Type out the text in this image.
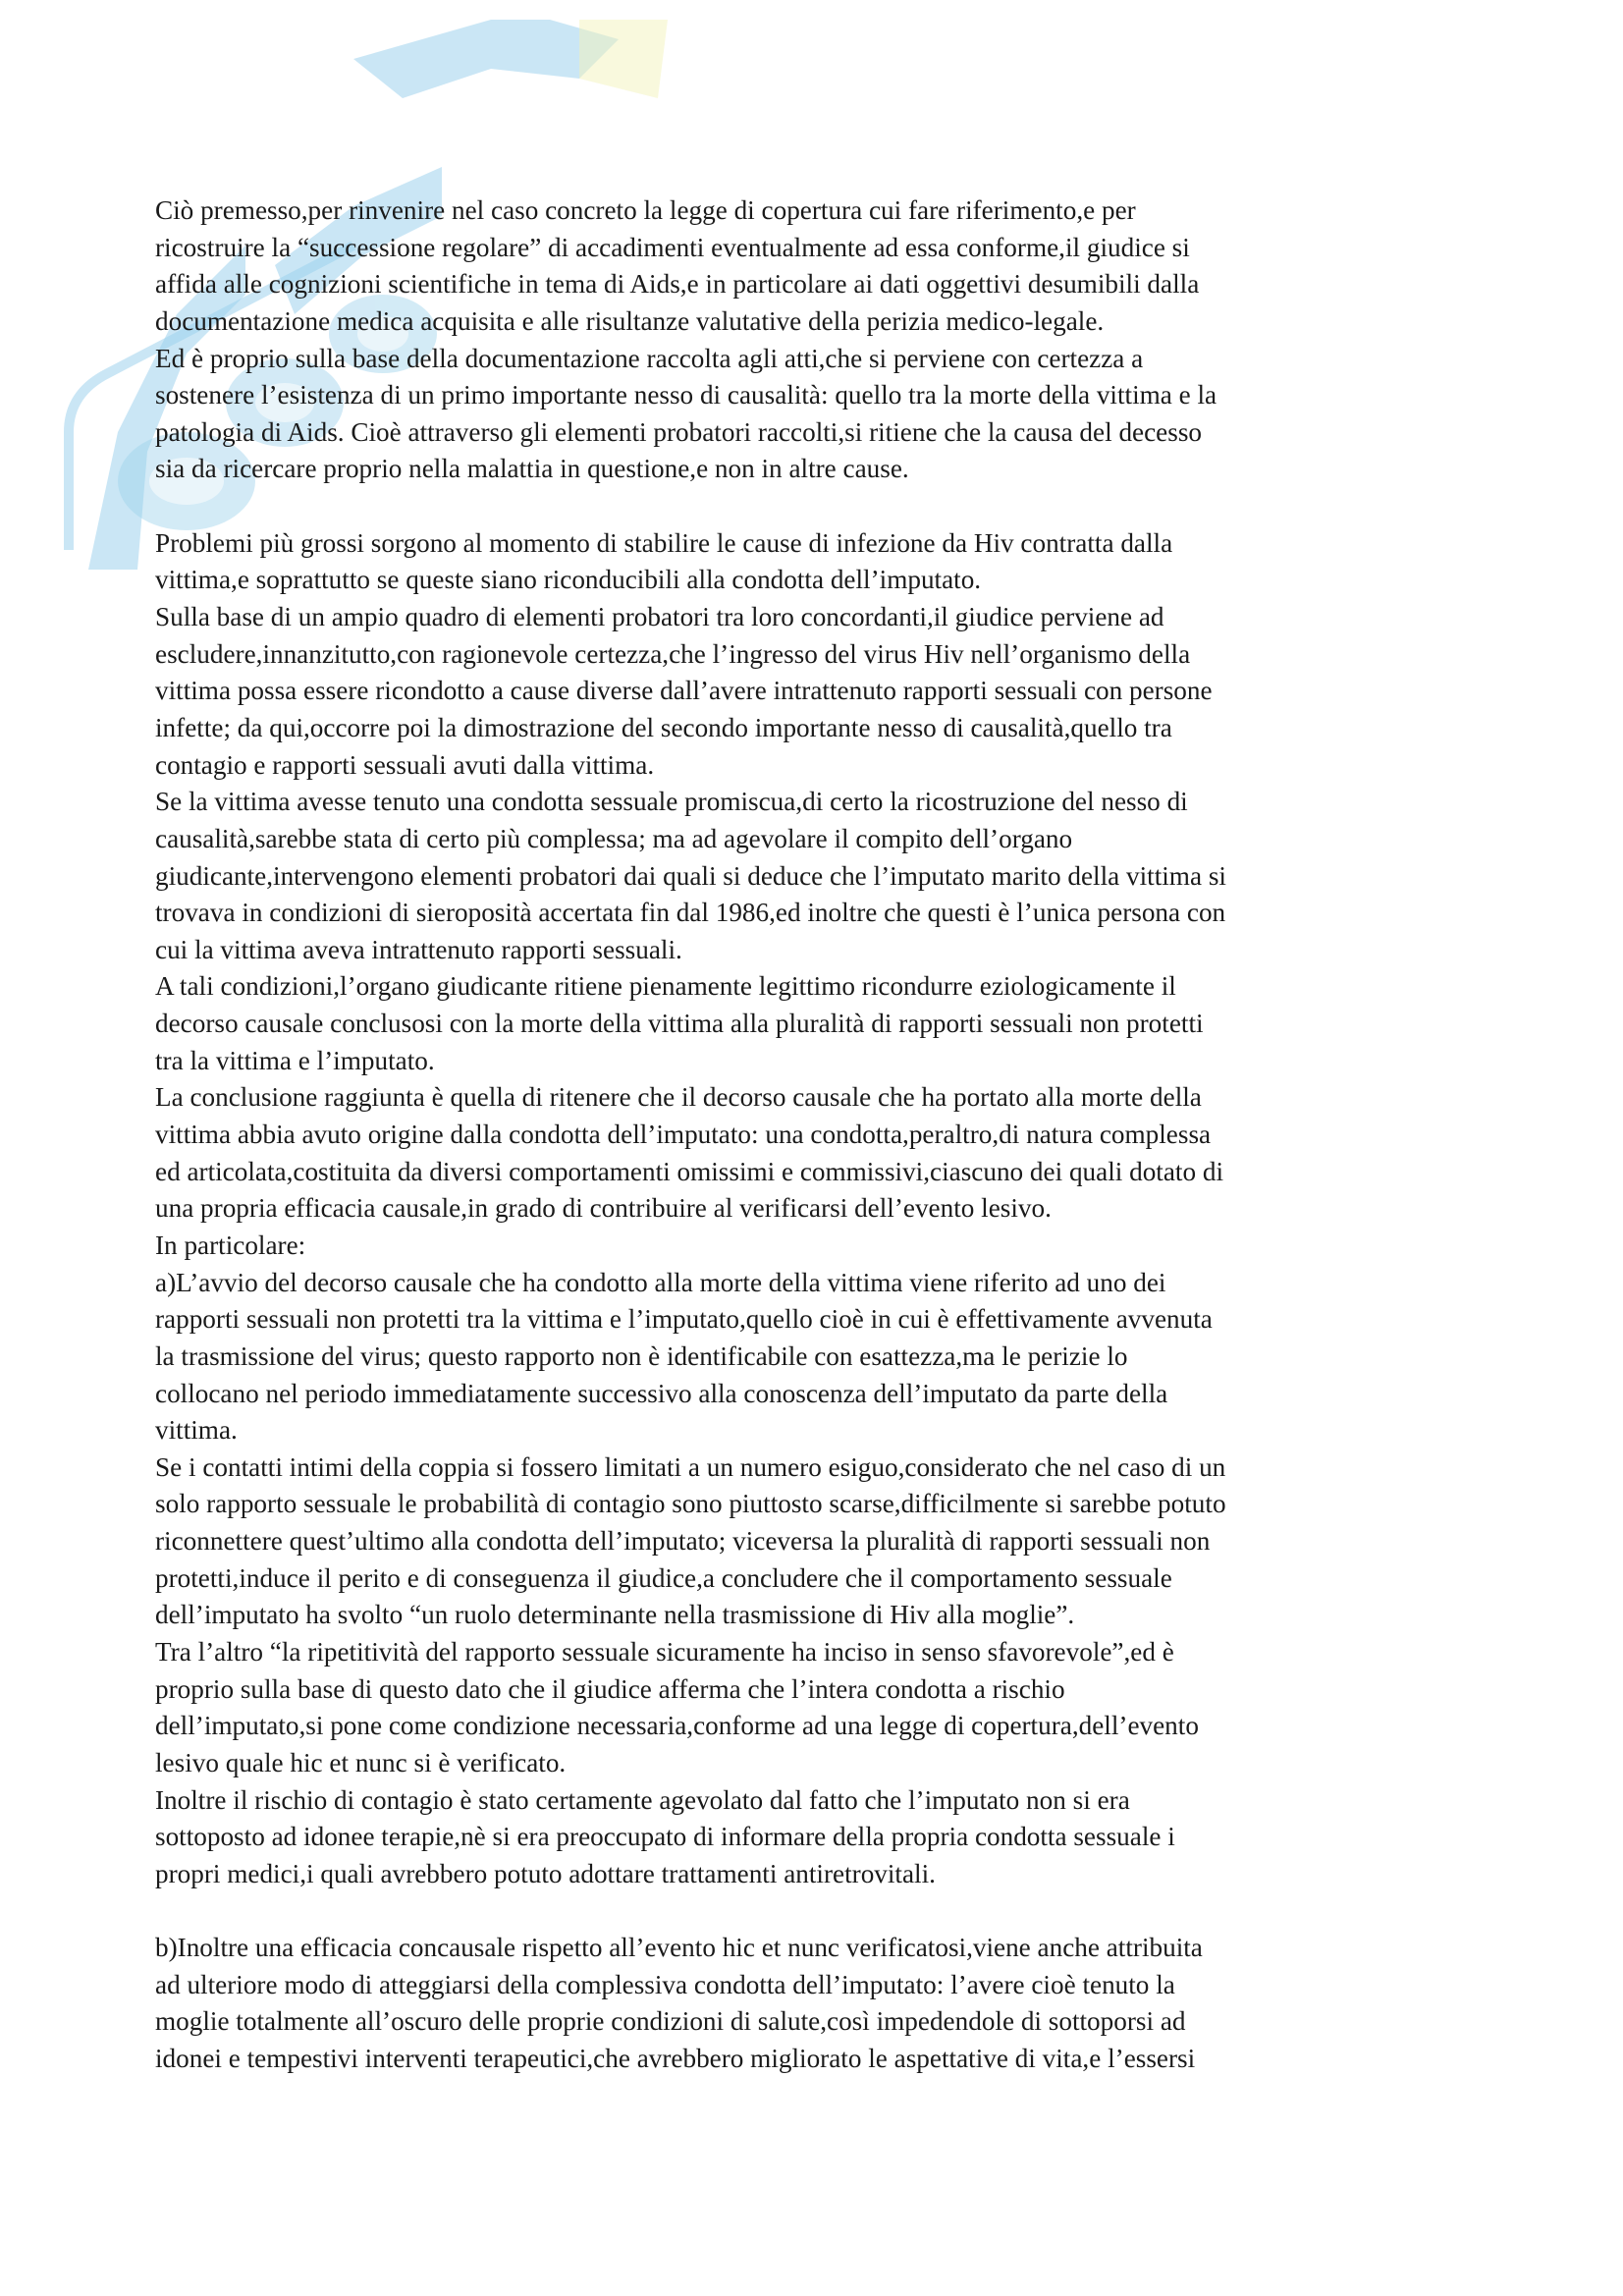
Ciò premesso,per rinvenire nel caso concreto la legge di copertura cui fare riferimento,e per
ricostruire la “successione regolare” di accadimenti eventualmente ad essa conforme,il giudice si
affida alle cognizioni scientifiche in tema di Aids,e in particolare ai dati oggettivi desumibili dalla
documentazione medica acquisita e alle risultanze valutative della perizia medico-legale.
Ed è proprio sulla base della documentazione raccolta agli atti,che si perviene con certezza a
sostenere l’esistenza di un primo importante nesso di causalità: quello tra la morte della vittima e la
patologia di Aids. Cioè attraverso gli elementi probatori raccolti,si ritiene che la causa del decesso
sia da ricercare proprio nella malattia in questione,e non in altre cause.
Problemi più grossi sorgono al momento di stabilire le cause di infezione da Hiv contratta dalla
vittima,e soprattutto se queste siano riconducibili alla condotta dell’imputato.
Sulla base di un ampio quadro di elementi probatori tra loro concordanti,il giudice perviene ad
escludere,innanzitutto,con ragionevole certezza,che l’ingresso del virus Hiv nell’organismo della
vittima possa essere ricondotto a cause diverse dall’avere intrattenuto rapporti sessuali con persone
infette; da qui,occorre poi la dimostrazione del secondo importante nesso di causalità,quello tra
contagio e rapporti sessuali avuti dalla vittima.
Se la vittima avesse tenuto una condotta sessuale promiscua,di certo la ricostruzione del nesso di
causalità,sarebbe stata di certo più complessa; ma ad agevolare il compito dell’organo
giudicante,intervengono elementi probatori dai quali si deduce che l’imputato marito della vittima si
trovava in condizioni di sieroposità accertata fin dal 1986,ed inoltre che questi è l’unica persona con
cui la vittima aveva intrattenuto rapporti sessuali.
A tali condizioni,l’organo giudicante ritiene pienamente legittimo ricondurre eziologicamente il
decorso causale conclusosi con la morte della vittima alla pluralità di rapporti sessuali non protetti
tra la vittima e l’imputato.
La conclusione raggiunta è quella di ritenere che il decorso causale che ha portato alla morte della
vittima abbia avuto origine dalla condotta dell’imputato: una condotta,peraltro,di natura complessa
ed articolata,costituita da diversi comportamenti omissimi e commissivi,ciascuno dei quali dotato di
una propria efficacia causale,in grado di contribuire al verificarsi dell’evento lesivo.
In particolare:
a)L’avvio del decorso causale che ha condotto alla morte della vittima viene riferito ad uno dei
rapporti sessuali non protetti tra la vittima e l’imputato,quello cioè in cui è effettivamente avvenuta
la trasmissione del virus; questo rapporto non è identificabile con esattezza,ma le perizie lo
collocano nel periodo immediatamente successivo alla conoscenza dell’imputato da parte della
vittima.
Se i contatti intimi della coppia si fossero limitati a un numero esiguo,considerato che nel caso di un
solo rapporto sessuale le probabilità di contagio sono piuttosto scarse,difficilmente si sarebbe potuto
riconnettere quest’ultimo alla condotta dell’imputato; viceversa la pluralità di rapporti sessuali non
protetti,induce il perito e di conseguenza il giudice,a concludere che il comportamento sessuale
dell’imputato ha svolto “un ruolo determinante nella trasmissione di Hiv alla moglie”.
Tra l’altro “la ripetitività del rapporto sessuale sicuramente ha inciso in senso sfavorevole”,ed è
proprio sulla base di questo dato che il giudice afferma che l’intera condotta a rischio
dell’imputato,si pone come condizione necessaria,conforme ad una legge di copertura,dell’evento
lesivo quale hic et nunc si è verificato.
Inoltre il rischio di contagio è stato certamente agevolato dal fatto che l’imputato non si era
sottoposto ad idonee terapie,nè si era preoccupato di informare della propria condotta sessuale i
propri medici,i quali avrebbero potuto adottare trattamenti antiretrovitali.
b)Inoltre una efficacia concausale rispetto all’evento hic et nunc verificatosi,viene anche attribuita
ad ulteriore modo di atteggiarsi della complessiva condotta dell’imputato: l’avere cioè tenuto la
moglie totalmente all’oscuro delle proprie condizioni di salute,così impedendole di sottoporsi ad
idonei e tempestivi interventi terapeutici,che avrebbero migliorato le aspettative di vita,e l’essersi
